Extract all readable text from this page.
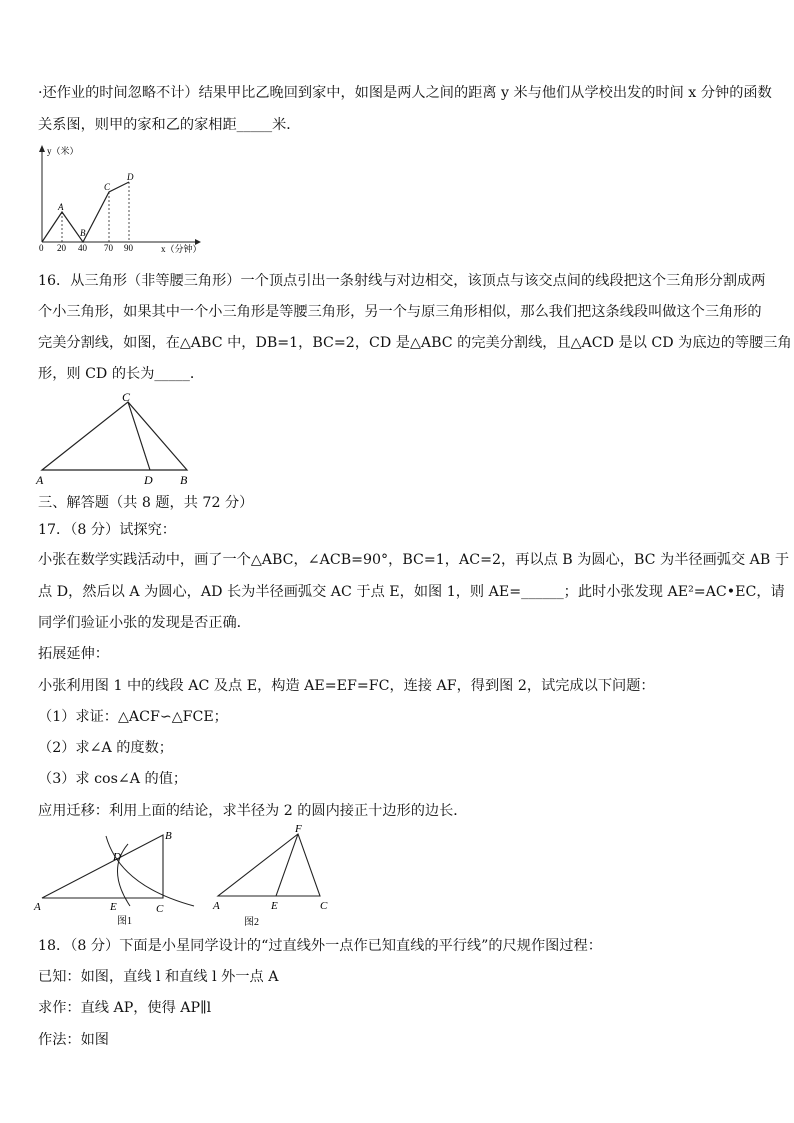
·还作业的时间忽略不计）结果甲比乙晚回到家中，如图是两人之间的距离 y 米与他们从学校出发的时间 x 分钟的函数
关系图，则甲的家和乙的家相距_____米．
y（米）
x（分钟）
A
B
C
D
0 20 40 70 90
16．从三角形（非等腰三角形）一个顶点引出一条射线与对边相交，该顶点与该交点间的线段把这个三角形分割成两
个小三角形，如果其中一个小三角形是等腰三角形，另一个与原三角形相似，那么我们把这条线段叫做这个三角形的
完美分割线，如图，在△ABC 中，DB=1，BC=2，CD 是△ABC 的完美分割线，且△ACD 是以 CD 为底边的等腰三角
形，则 CD 的长为_____．
C
A	D B
三、解答题（共 8 题，共 72 分）
17．（8 分）试探究：
小张在数学实践活动中，画了一个△ABC，∠ACB=90°，BC=1，AC=2，再以点 B 为圆心，BC 为半径画弧交 AB 于
点 D，然后以 A 为圆心，AD 长为半径画弧交 AC 于点 E，如图 1，则 AE=______；此时小张发现 AE²=AC•EC，请
同学们验证小张的发现是否正确．
拓展延伸：
小张利用图 1 中的线段 AC 及点 E，构造 AE=EF=FC，连接 AF，得到图 2，试完成以下问题：
（1）求证：△ACF∽△FCE；
（2）求∠A 的度数；
（3）求 cos∠A 的值；
应用迁移：利用上面的结论，求半径为 2 的圆内接正十边形的边长．
A
B
C
D
E
图1
F
A	E	C
图2
18．（8 分）下面是小星同学设计的“过直线外一点作已知直线的平行线”的尺规作图过程：
已知：如图，直线 l 和直线 l 外一点 A
求作：直线 AP，使得 AP∥l
作法：如图
